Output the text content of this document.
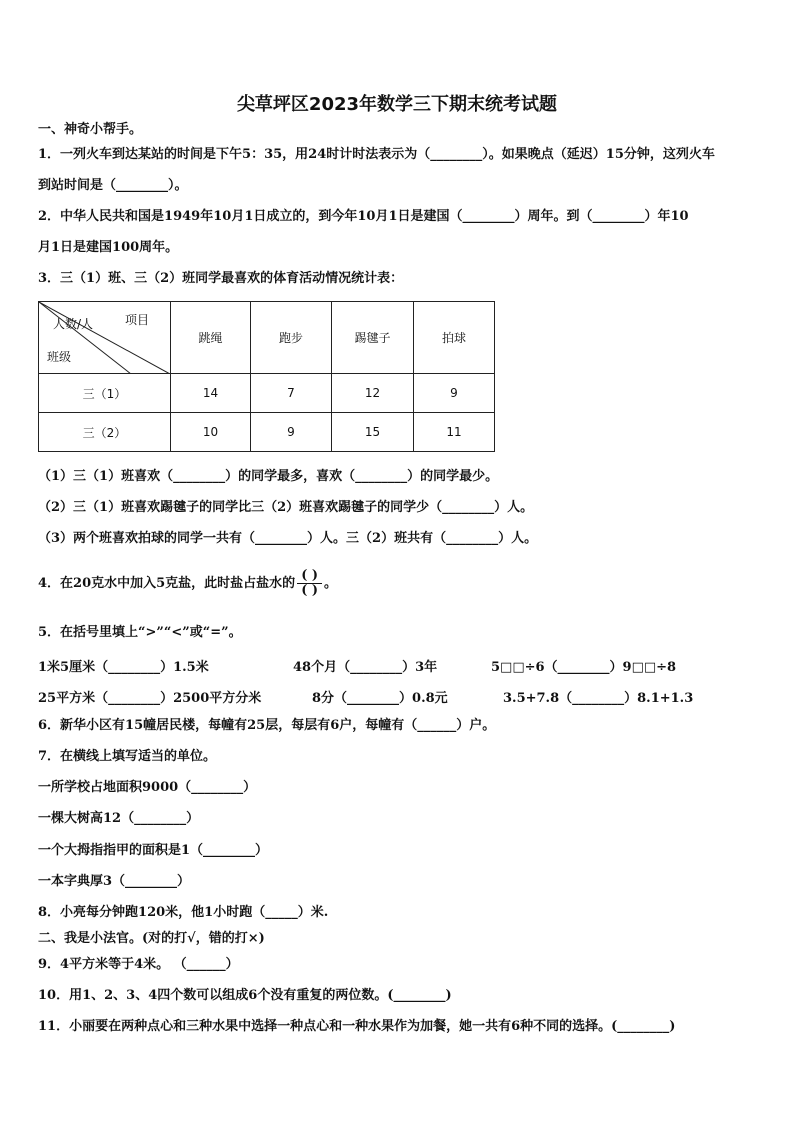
尖草坪区2023年数学三下期末统考试题
一、神奇小帮手。
1．一列火车到达某站的时间是下午5：35，用24时计时法表示为（________）。如果晚点（延迟）15分钟，这列火车
到站时间是（________）。
2．中华人民共和国是1949年10月1日成立的，到今年10月1日是建国（________）周年。到（________）年10
月1日是建国100周年。
3．三（1）班、三（2）班同学最喜欢的体育活动情况统计表：
项目
人数/人
班级	跳绳	跑步	踢毽子	拍球
三（1）	14	7	12	9
三（2）	10	9	15	11
（1）三（1）班喜欢（________）的同学最多，喜欢（________）的同学最少。
（2）三（1）班喜欢踢毽子的同学比三（2）班喜欢踢毽子的同学少（________）人。
（3）两个班喜欢拍球的同学一共有（________）人。三（2）班共有（________）人。
4．在20克水中加入5克盐，此时盐占盐水的 $\frac{( )}{( )}$ 。
5．在括号里填上“>”“<”或“=”。
1米5厘米（________）1.5米	48个月（________）3年	5□□÷6（________）9□□÷8
25平方米（________）2500平方分米	8分（________）0.8元	3.5+7.8（________）8.1+1.3
6．新华小区有15幢居民楼，每幢有25层，每层有6户，每幢有（______）户。
7．在横线上填写适当的单位。
一所学校占地面积9000（________）
一棵大树高12（________）
一个大拇指指甲的面积是1（________）
一本字典厚3（________）
8．小亮每分钟跑120米，他1小时跑（_____）米.
二、我是小法官。(对的打√，错的打×)
9．4平方米等于4米。 （______）
10．用1、2、3、4四个数可以组成6个没有重复的两位数。(________)
11．小丽要在两种点心和三种水果中选择一种点心和一种水果作为加餐，她一共有6种不同的选择。(________)
